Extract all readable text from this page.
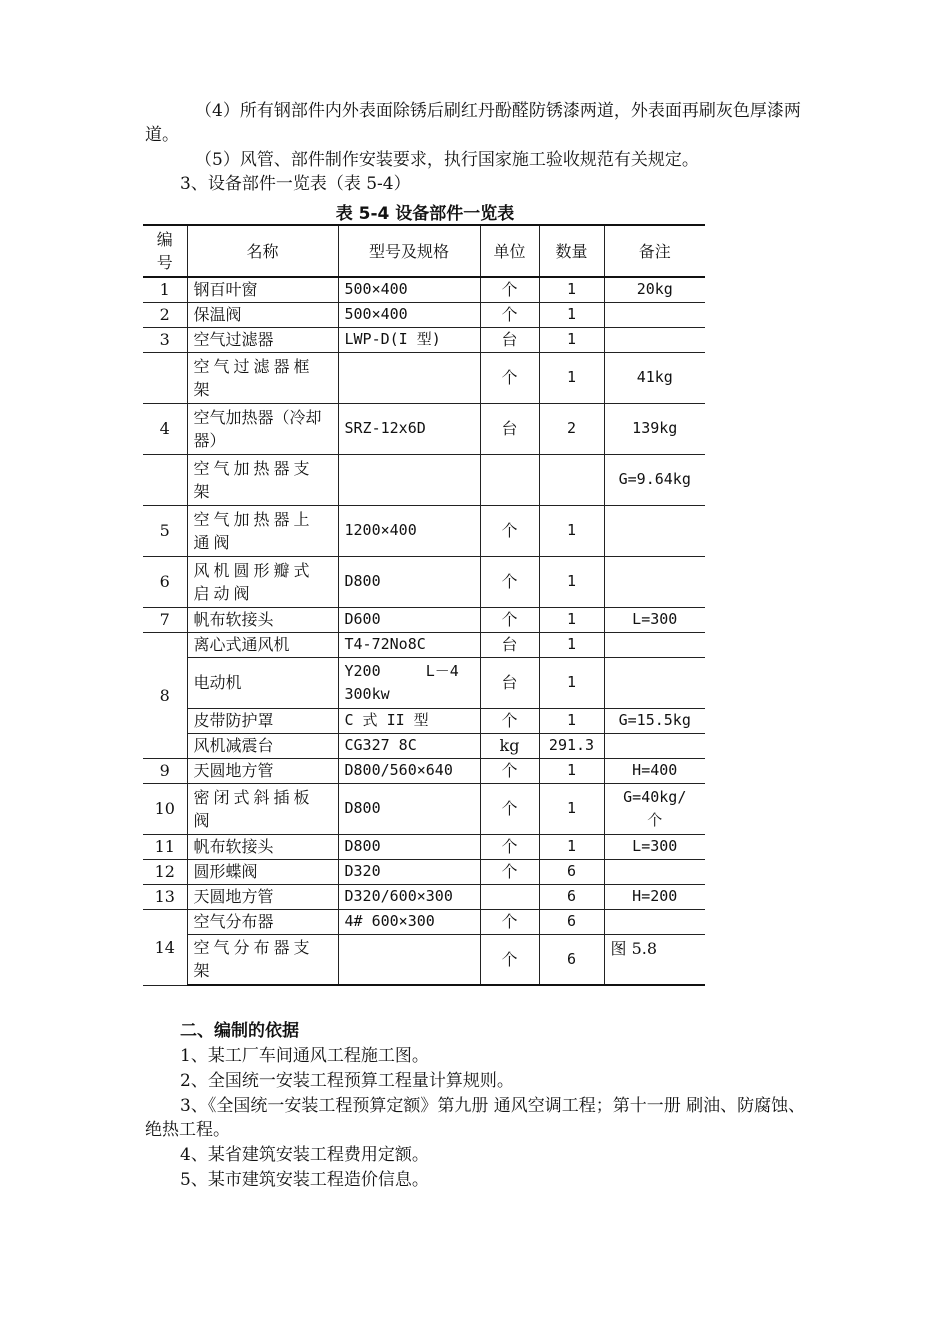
（4）所有钢部件内外表面除锈后刷红丹酚醛防锈漆两道，外表面再刷灰色厚漆两道。

（5）风管、部件制作安装要求，执行国家施工验收规范有关规定。

3、设备部件一览表（表 5-4）

表 5-4 设备部件一览表
编号	名称	型号及规格	单位	数量	备注
1	钢百叶窗	500×400	个	1	20kg
2	保温阀	500×400	个	1	
3	空气过滤器	LWP-D(I 型)	台	1	
	空气过滤器框架		个	1	41kg
4	空气加热器（冷却器）	SRZ-12x6D	台	2	139kg
	空气加热器支架				G=9.64kg
5	空气加热器上通阀	1200×400	个	1	
6	风机圆形瓣式启动阀	D800	个	1	
7	帆布软接头	D600	个	1	L=300
8	离心式通风机	T4-72No8C	台	1	
	电动机	Y200     L－4 300kw	台	1	
	皮带防护罩	C 式 II 型	个	1	G=15.5kg
	风机减震台	CG327 8C	kg	291.3	
9	天圆地方管	D800/560×640	个	1	H=400
10	密闭式斜插板阀	D800	个	1	G=40kg/个
11	帆布软接头	D800	个	1	L=300
12	圆形蝶阀	D320	个	6	
13	天圆地方管	D320/600×300		6	H=200
14	空气分布器	4# 600×300	个	6	
	空气分布器支架		个	6	图 5.8

二、编制的依据

1、某工厂车间通风工程施工图。

2、全国统一安装工程预算工程量计算规则。

3、《全国统一安装工程预算定额》第九册 通风空调工程；第十一册 刷油、防腐蚀、绝热工程。

4、某省建筑安装工程费用定额。

5、某市建筑安装工程造价信息。
